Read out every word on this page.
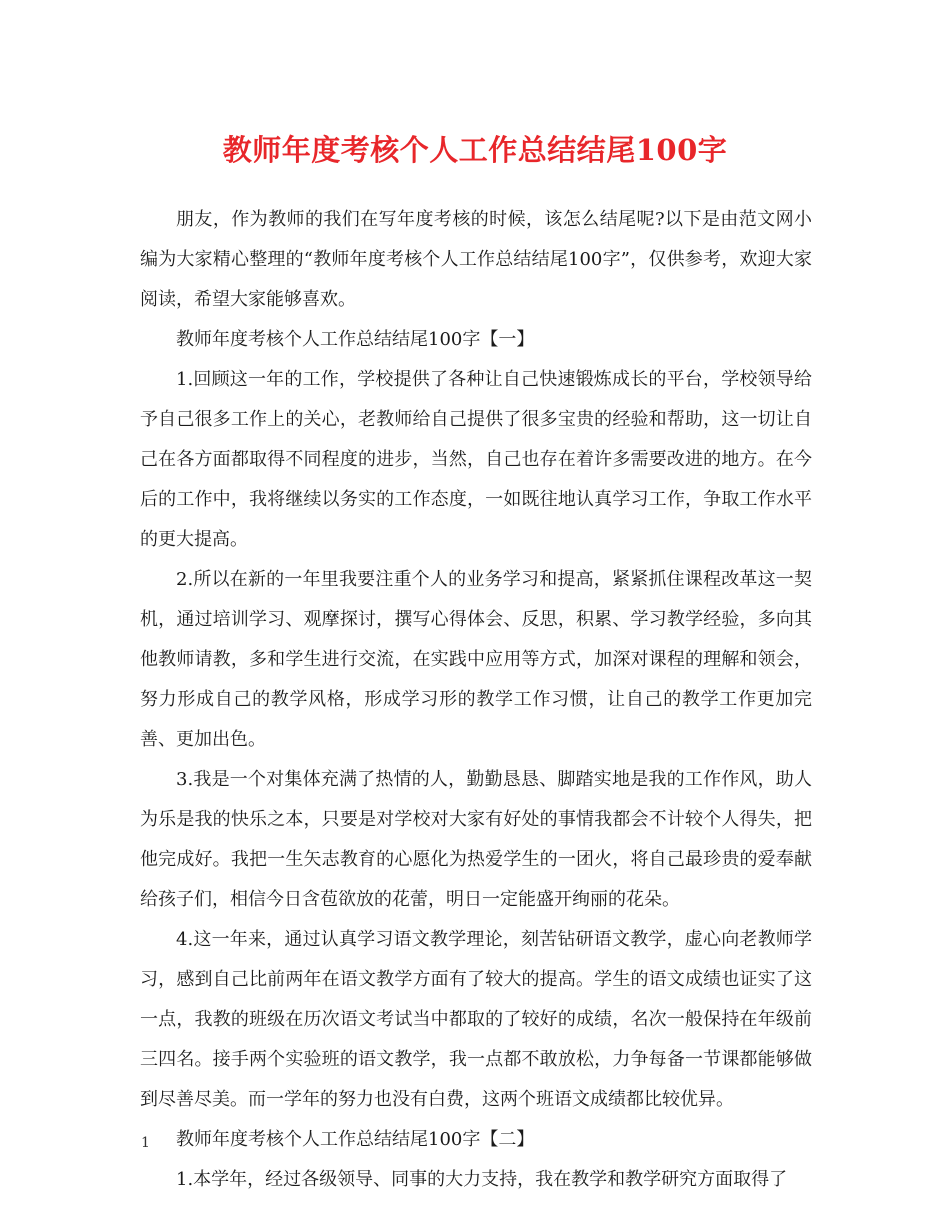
教师年度考核个人工作总结结尾100字

朋友，作为教师的我们在写年度考核的时候，该怎么结尾呢?以下是由范文网小编为大家精心整理的“教师年度考核个人工作总结结尾100字”，仅供参考，欢迎大家阅读，希望大家能够喜欢。

教师年度考核个人工作总结结尾100字【一】

1.回顾这一年的工作，学校提供了各种让自己快速锻炼成长的平台，学校领导给予自己很多工作上的关心，老教师给自己提供了很多宝贵的经验和帮助，这一切让自己在各方面都取得不同程度的进步，当然，自己也存在着许多需要改进的地方。在今后的工作中，我将继续以务实的工作态度，一如既往地认真学习工作，争取工作水平的更大提高。

2.所以在新的一年里我要注重个人的业务学习和提高，紧紧抓住课程改革这一契机，通过培训学习、观摩探讨，撰写心得体会、反思，积累、学习教学经验，多向其他教师请教，多和学生进行交流，在实践中应用等方式，加深对课程的理解和领会，努力形成自己的教学风格，形成学习形的教学工作习惯，让自己的教学工作更加完善、更加出色。

3.我是一个对集体充满了热情的人，勤勤恳恳、脚踏实地是我的工作作风，助人为乐是我的快乐之本，只要是对学校对大家有好处的事情我都会不计较个人得失，把他完成好。我把一生矢志教育的心愿化为热爱学生的一团火，将自己最珍贵的爱奉献给孩子们，相信今日含苞欲放的花蕾，明日一定能盛开绚丽的花朵。

4.这一年来，通过认真学习语文教学理论，刻苦钻研语文教学，虚心向老教师学习，感到自己比前两年在语文教学方面有了较大的提高。学生的语文成绩也证实了这一点，我教的班级在历次语文考试当中都取的了较好的成绩，名次一般保持在年级前三四名。接手两个实验班的语文教学，我一点都不敢放松，力争每备一节课都能够做到尽善尽美。而一学年的努力也没有白费，这两个班语文成绩都比较优异。

教师年度考核个人工作总结结尾100字【二】

1.本学年，经过各级领导、同事的大力支持，我在教学和教学研究方面取得了

1
